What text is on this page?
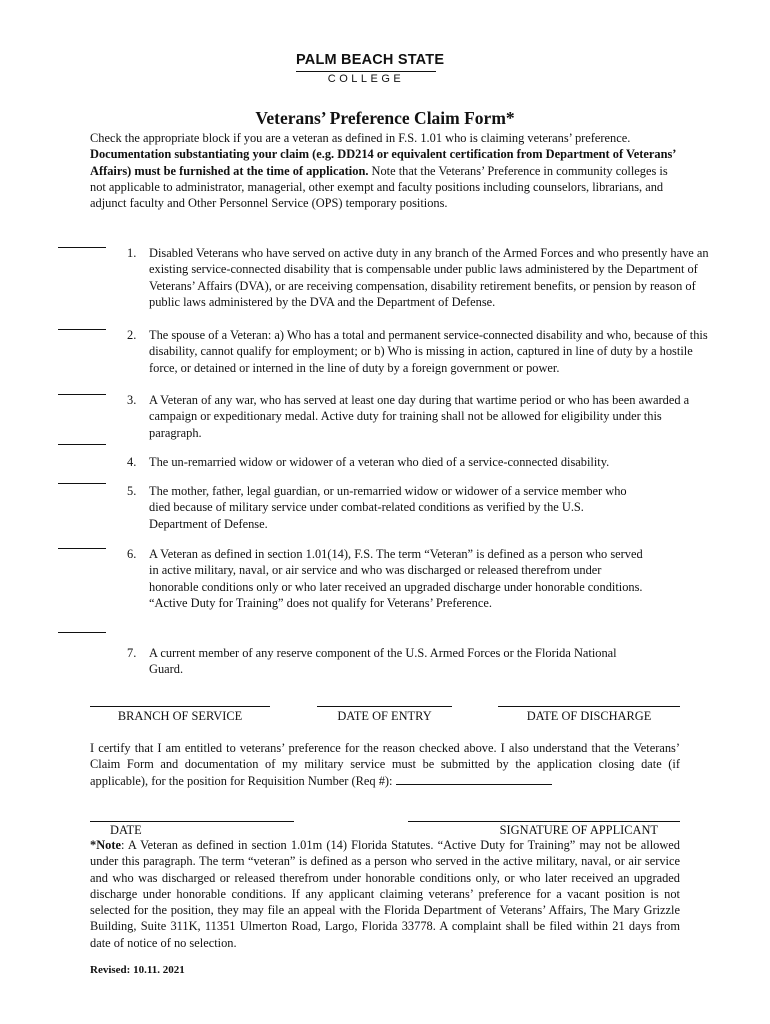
PALM BEACH STATE
COLLEGE
Veterans’ Preference Claim Form*
Check the appropriate block if you are a veteran as defined in F.S. 1.01 who is claiming veterans’ preference. Documentation substantiating your claim (e.g. DD214 or equivalent certification from Department of Veterans’ Affairs) must be furnished at the time of application. Note that the Veterans’ Preference in community colleges is not applicable to administrator, managerial, other exempt and faculty positions including counselors, librarians, and adjunct faculty and Other Personnel Service (OPS) temporary positions.
1. Disabled Veterans who have served on active duty in any branch of the Armed Forces and who presently have an existing service-connected disability that is compensable under public laws administered by the Department of Veterans’ Affairs (DVA), or are receiving compensation, disability retirement benefits, or pension by reason of public laws administered by the DVA and the Department of Defense.
2. The spouse of a Veteran: a) Who has a total and permanent service-connected disability and who, because of this disability, cannot qualify for employment; or b) Who is missing in action, captured in line of duty by a hostile force, or detained or interned in the line of duty by a foreign government or power.
3. A Veteran of any war, who has served at least one day during that wartime period or who has been awarded a campaign or expeditionary medal. Active duty for training shall not be allowed for eligibility under this paragraph.
4. The un-remarried widow or widower of a veteran who died of a service-connected disability.
5. The mother, father, legal guardian, or un-remarried widow or widower of a service member who died because of military service under combat-related conditions as verified by the U.S. Department of Defense.
6. A Veteran as defined in section 1.01(14), F.S. The term “Veteran” is defined as a person who served in active military, naval, or air service and who was discharged or released therefrom under honorable conditions only or who later received an upgraded discharge under honorable conditions. “Active Duty for Training” does not qualify for Veterans’ Preference.
7. A current member of any reserve component of the U.S. Armed Forces or the Florida National Guard.
BRANCH OF SERVICE	DATE OF ENTRY	DATE OF DISCHARGE
I certify that I am entitled to veterans’ preference for the reason checked above. I also understand that the Veterans’ Claim Form and documentation of my military service must be submitted by the application closing date (if applicable), for the position for Requisition Number (Req #):
DATE	SIGNATURE OF APPLICANT
*Note: A Veteran as defined in section 1.01m (14) Florida Statutes. “Active Duty for Training” may not be allowed under this paragraph. The term “veteran” is defined as a person who served in the active military, naval, or air service and who was discharged or released therefrom under honorable conditions only, or who later received an upgraded discharge under honorable conditions. If any applicant claiming veterans’ preference for a vacant position is not selected for the position, they may file an appeal with the Florida Department of Veterans’ Affairs, The Mary Grizzle Building, Suite 311K, 11351 Ulmerton Road, Largo, Florida 33778. A complaint shall be filed within 21 days from date of notice of no selection.
Revised: 10.11. 2021
